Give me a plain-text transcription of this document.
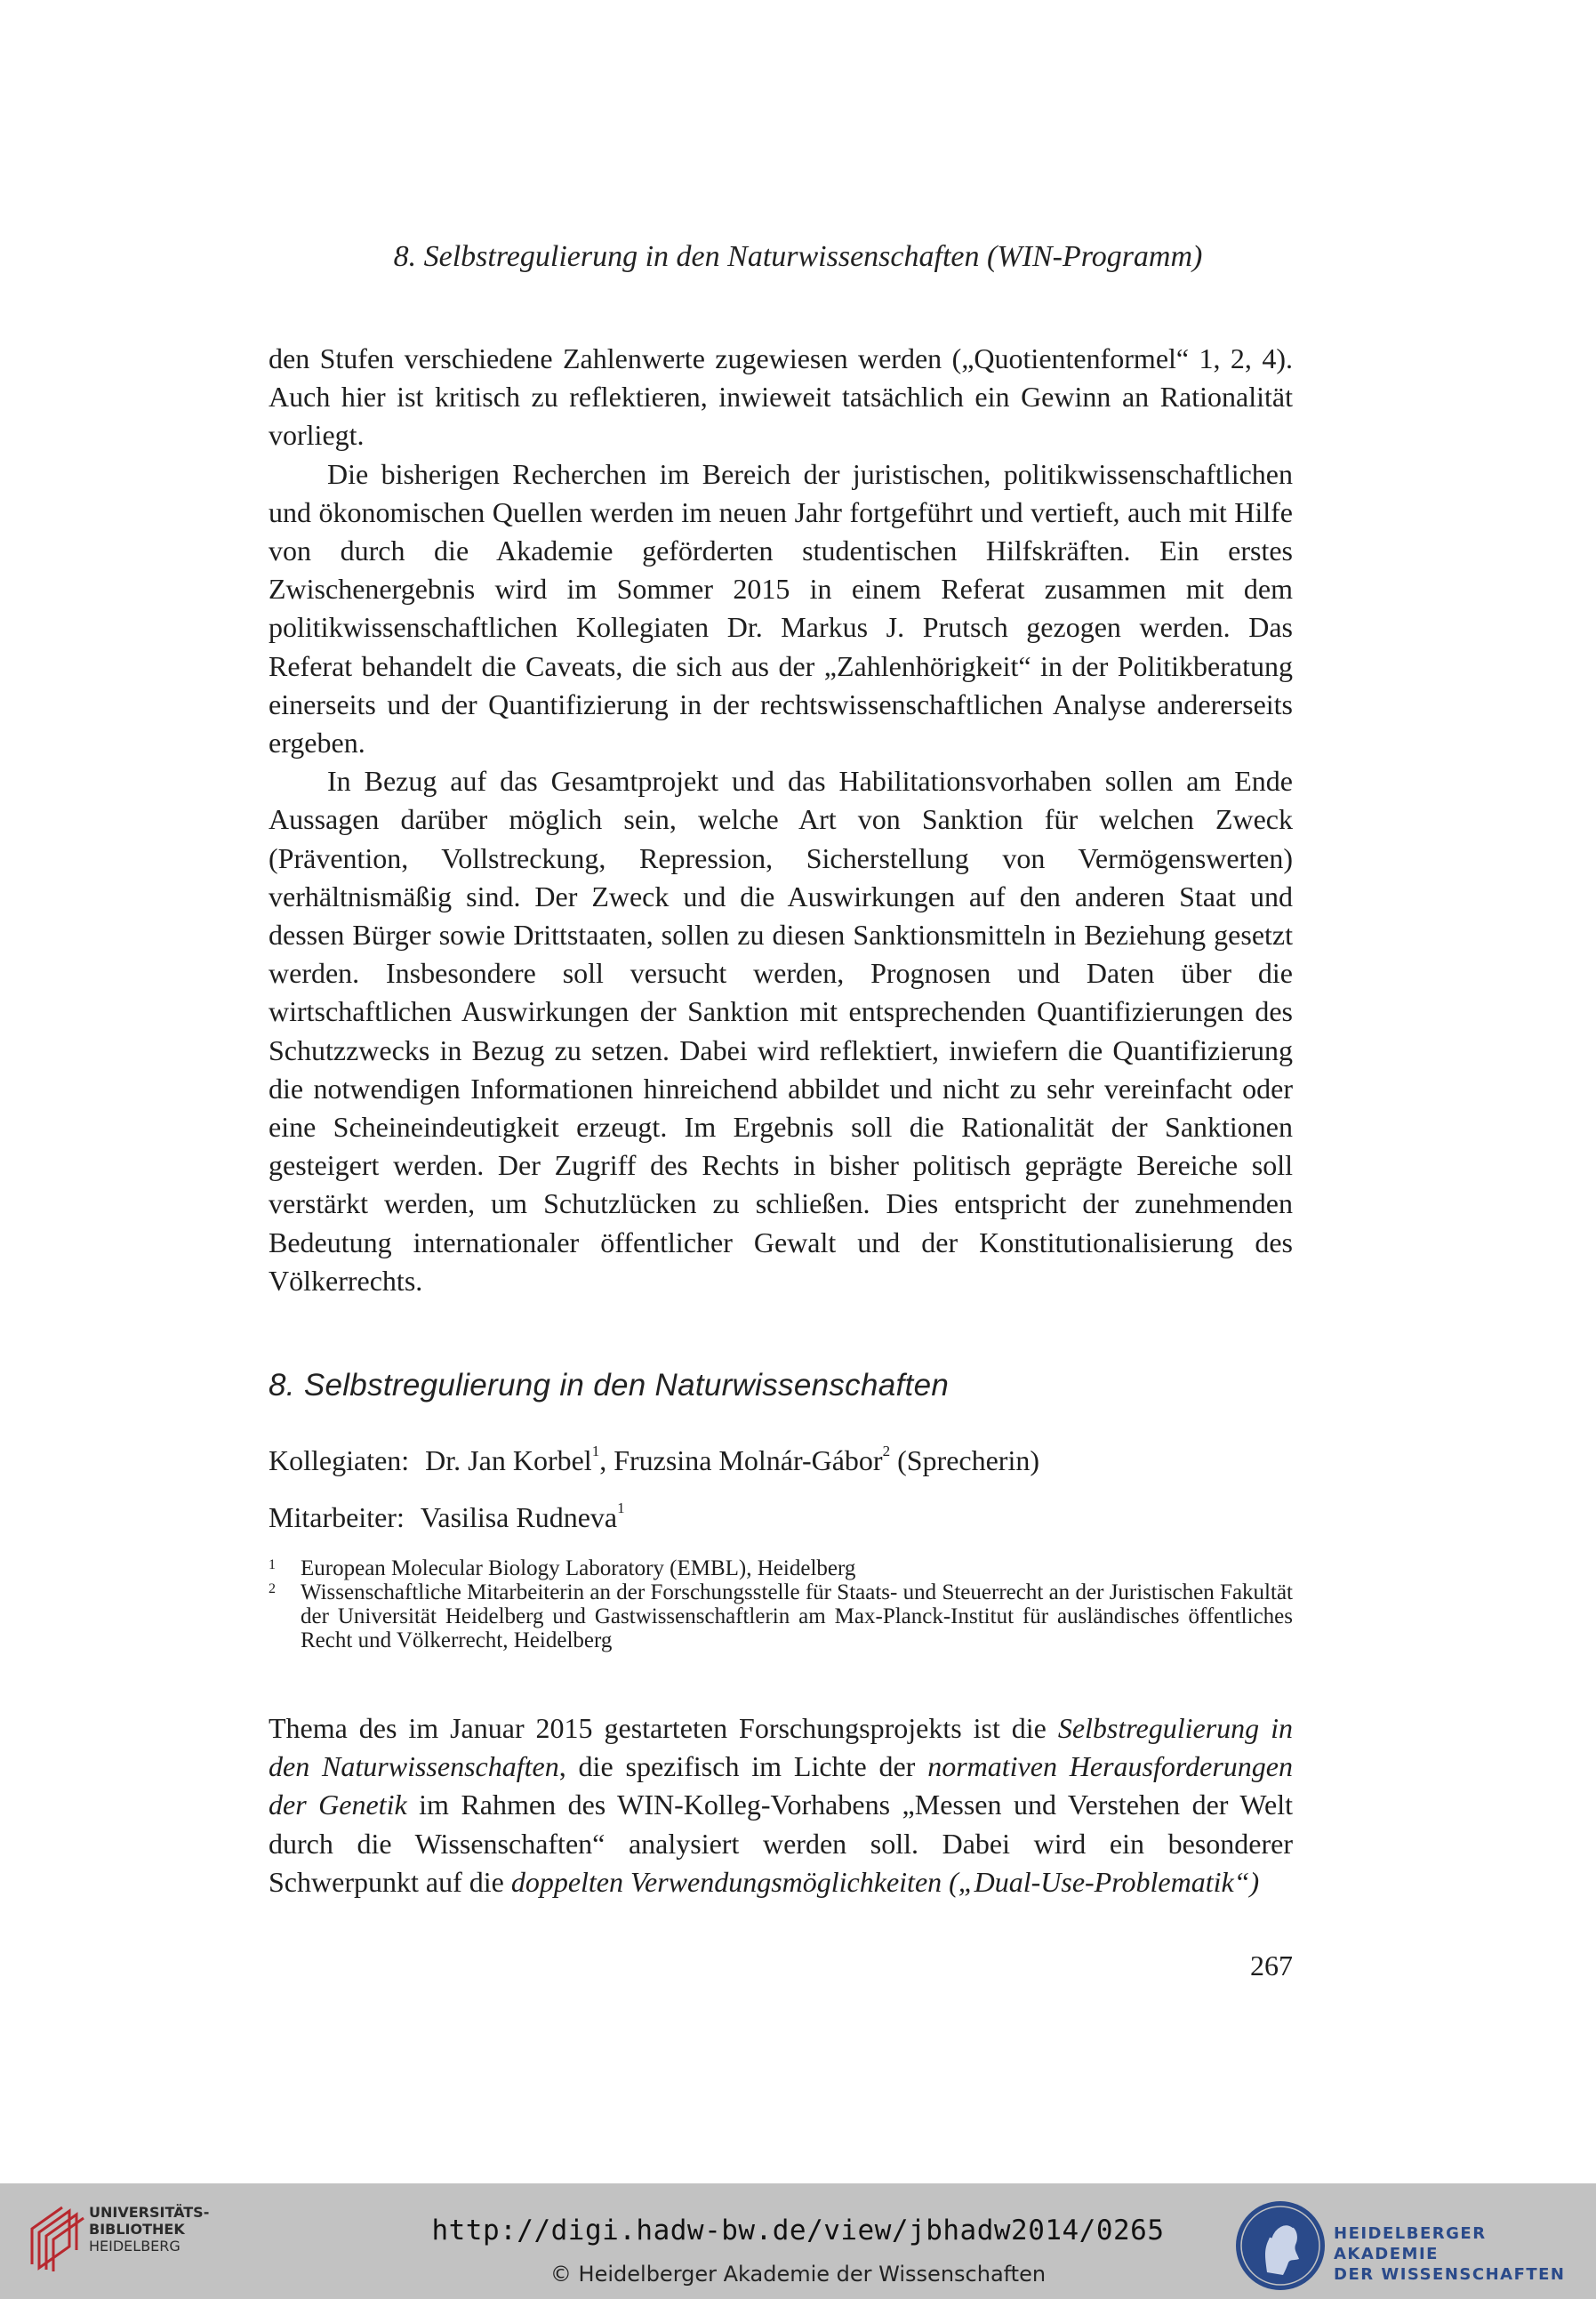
8. Selbstregulierung in den Naturwissenschaften (WIN-Programm)

den Stufen verschiedene Zahlenwerte zugewiesen werden („Quotientenformel“ 1, 2, 4). Auch hier ist kritisch zu reflektieren, inwieweit tatsächlich ein Gewinn an Rationalität vorliegt.

Die bisherigen Recherchen im Bereich der juristischen, politikwissenschaftlichen und ökonomischen Quellen werden im neuen Jahr fortgeführt und vertieft, auch mit Hilfe von durch die Akademie geförderten studentischen Hilfskräften. Ein erstes Zwischenergebnis wird im Sommer 2015 in einem Referat zusammen mit dem politikwissenschaftlichen Kollegiaten Dr. Markus J. Prutsch gezogen werden. Das Referat behandelt die Caveats, die sich aus der „Zahlenhörigkeit“ in der Politikberatung einerseits und der Quantifizierung in der rechtswissenschaftlichen Analyse andererseits ergeben.

In Bezug auf das Gesamtprojekt und das Habilitationsvorhaben sollen am Ende Aussagen darüber möglich sein, welche Art von Sanktion für welchen Zweck (Prävention, Vollstreckung, Repression, Sicherstellung von Vermögenswerten) verhältnismäßig sind. Der Zweck und die Auswirkungen auf den anderen Staat und dessen Bürger sowie Drittstaaten, sollen zu diesen Sanktionsmitteln in Beziehung gesetzt werden. Insbesondere soll versucht werden, Prognosen und Daten über die wirtschaftlichen Auswirkungen der Sanktion mit entsprechenden Quantifizierungen des Schutzzwecks in Bezug zu setzen. Dabei wird reflektiert, inwiefern die Quantifizierung die notwendigen Informationen hinreichend abbildet und nicht zu sehr vereinfacht oder eine Scheineindeutigkeit erzeugt. Im Ergebnis soll die Rationalität der Sanktionen gesteigert werden. Der Zugriff des Rechts in bisher politisch geprägte Bereiche soll verstärkt werden, um Schutzlücken zu schließen. Dies entspricht der zunehmenden Bedeutung internationaler öffentlicher Gewalt und der Konstitutionalisierung des Völkerrechts.

8. Selbstregulierung in den Naturwissenschaften
Kollegiaten: Dr. Jan Korbel$^1$, Fruzsina Molnár-Gábor$^2$ (Sprecherin)
Mitarbeiter: Vasilisa Rudneva$^1$
1 European Molecular Biology Laboratory (EMBL), Heidelberg
2 Wissenschaftliche Mitarbeiterin an der Forschungsstelle für Staats- und Steuerrecht an der Juristischen Fakultät der Universität Heidelberg und Gastwissenschaftlerin am Max-Planck-Institut für ausländisches öffentliches Recht und Völkerrecht, Heidelberg

Thema des im Januar 2015 gestarteten Forschungsprojekts ist die Selbstregulierung in den Naturwissenschaften, die spezifisch im Lichte der normativen Herausforderungen der Genetik im Rahmen des WIN-Kolleg-Vorhabens „Messen und Verstehen der Welt durch die Wissenschaften“ analysiert werden soll. Dabei wird ein besonderer Schwerpunkt auf die doppelten Verwendungsmöglichkeiten („Dual-Use-Problematik“)

267
UNIVERSITÄTS-
BIBLIOTHEK
HEIDELBERG	http://digi.hadw-bw.de/view/jbhadw2014/0265
© Heidelberger Akademie der Wissenschaften
HEIDELBERGER AKADEMIE
DER WISSENSCHAFTEN
